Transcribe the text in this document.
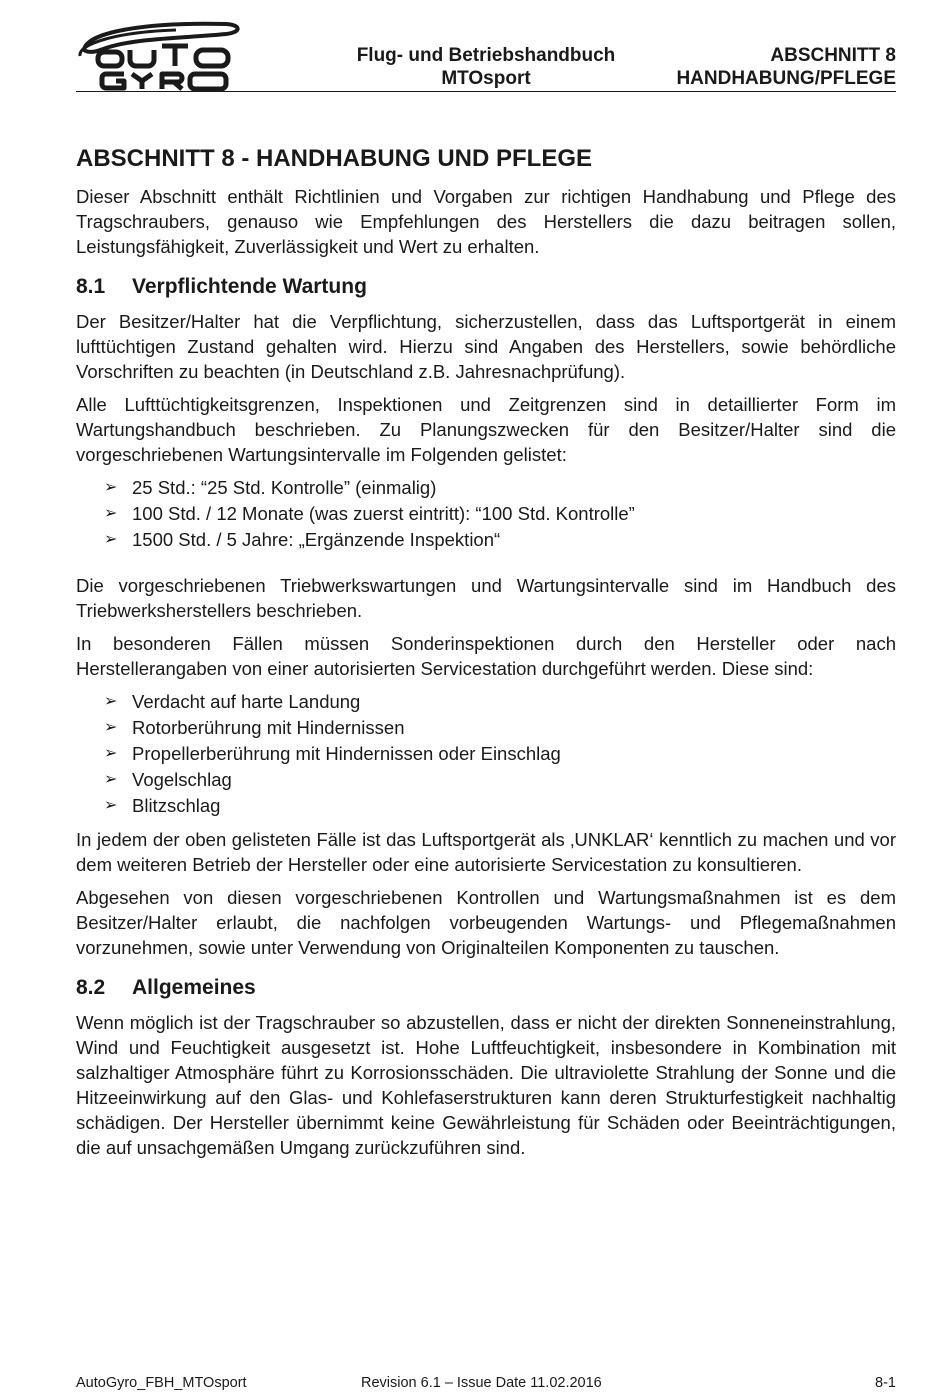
Flug- und Betriebshandbuch
MTOsport
ABSCHNITT 8
HANDHABUNG/PFLEGE
ABSCHNITT 8 - HANDHABUNG UND PFLEGE

Dieser Abschnitt enthält Richtlinien und Vorgaben zur richtigen Handhabung und Pflege des Tragschraubers, genauso wie Empfehlungen des Herstellers die dazu beitragen sollen, Leistungsfähigkeit, Zuverlässigkeit und Wert zu erhalten.

8.1 Verpflichtende Wartung

Der Besitzer/Halter hat die Verpflichtung, sicherzustellen, dass das Luftsportgerät in einem lufttüchtigen Zustand gehalten wird. Hierzu sind Angaben des Herstellers, sowie behördliche Vorschriften zu beachten (in Deutschland z.B. Jahresnachprüfung).

Alle Lufttüchtigkeitsgrenzen, Inspektionen und Zeitgrenzen sind in detaillierter Form im Wartungshandbuch beschrieben. Zu Planungszwecken für den Besitzer/Halter sind die vorgeschriebenen Wartungsintervalle im Folgenden gelistet:

➢ 25 Std.: “25 Std. Kontrolle” (einmalig)
➢ 100 Std. / 12 Monate (was zuerst eintritt): “100 Std. Kontrolle”
➢ 1500 Std. / 5 Jahre: „Ergänzende Inspektion“

Die vorgeschriebenen Triebwerkswartungen und Wartungsintervalle sind im Handbuch des Triebwerksherstellers beschrieben.

In besonderen Fällen müssen Sonderinspektionen durch den Hersteller oder nach Herstellerangaben von einer autorisierten Servicestation durchgeführt werden. Diese sind:

➢ Verdacht auf harte Landung
➢ Rotorberührung mit Hindernissen
➢ Propellerberührung mit Hindernissen oder Einschlag
➢ Vogelschlag
➢ Blitzschlag

In jedem der oben gelisteten Fälle ist das Luftsportgerät als ‚UNKLAR‘ kenntlich zu machen und vor dem weiteren Betrieb der Hersteller oder eine autorisierte Servicestation zu konsultieren.

Abgesehen von diesen vorgeschriebenen Kontrollen und Wartungsmaßnahmen ist es dem Besitzer/Halter erlaubt, die nachfolgen vorbeugenden Wartungs- und Pflegemaßnahmen vorzunehmen, sowie unter Verwendung von Originalteilen Komponenten zu tauschen.

8.2 Allgemeines

Wenn möglich ist der Tragschrauber so abzustellen, dass er nicht der direkten Sonneneinstrahlung, Wind und Feuchtigkeit ausgesetzt ist. Hohe Luftfeuchtigkeit, insbesondere in Kombination mit salzhaltiger Atmosphäre führt zu Korrosionsschäden. Die ultraviolette Strahlung der Sonne und die Hitzeeinwirkung auf den Glas- und Kohlefaserstrukturen kann deren Strukturfestigkeit nachhaltig schädigen. Der Hersteller übernimmt keine Gewährleistung für Schäden oder Beeinträchtigungen, die auf unsachgemäßen Umgang zurückzuführen sind.

AutoGyro_FBH_MTOsport	Revision 6.1 – Issue Date 11.02.2016	8-1
